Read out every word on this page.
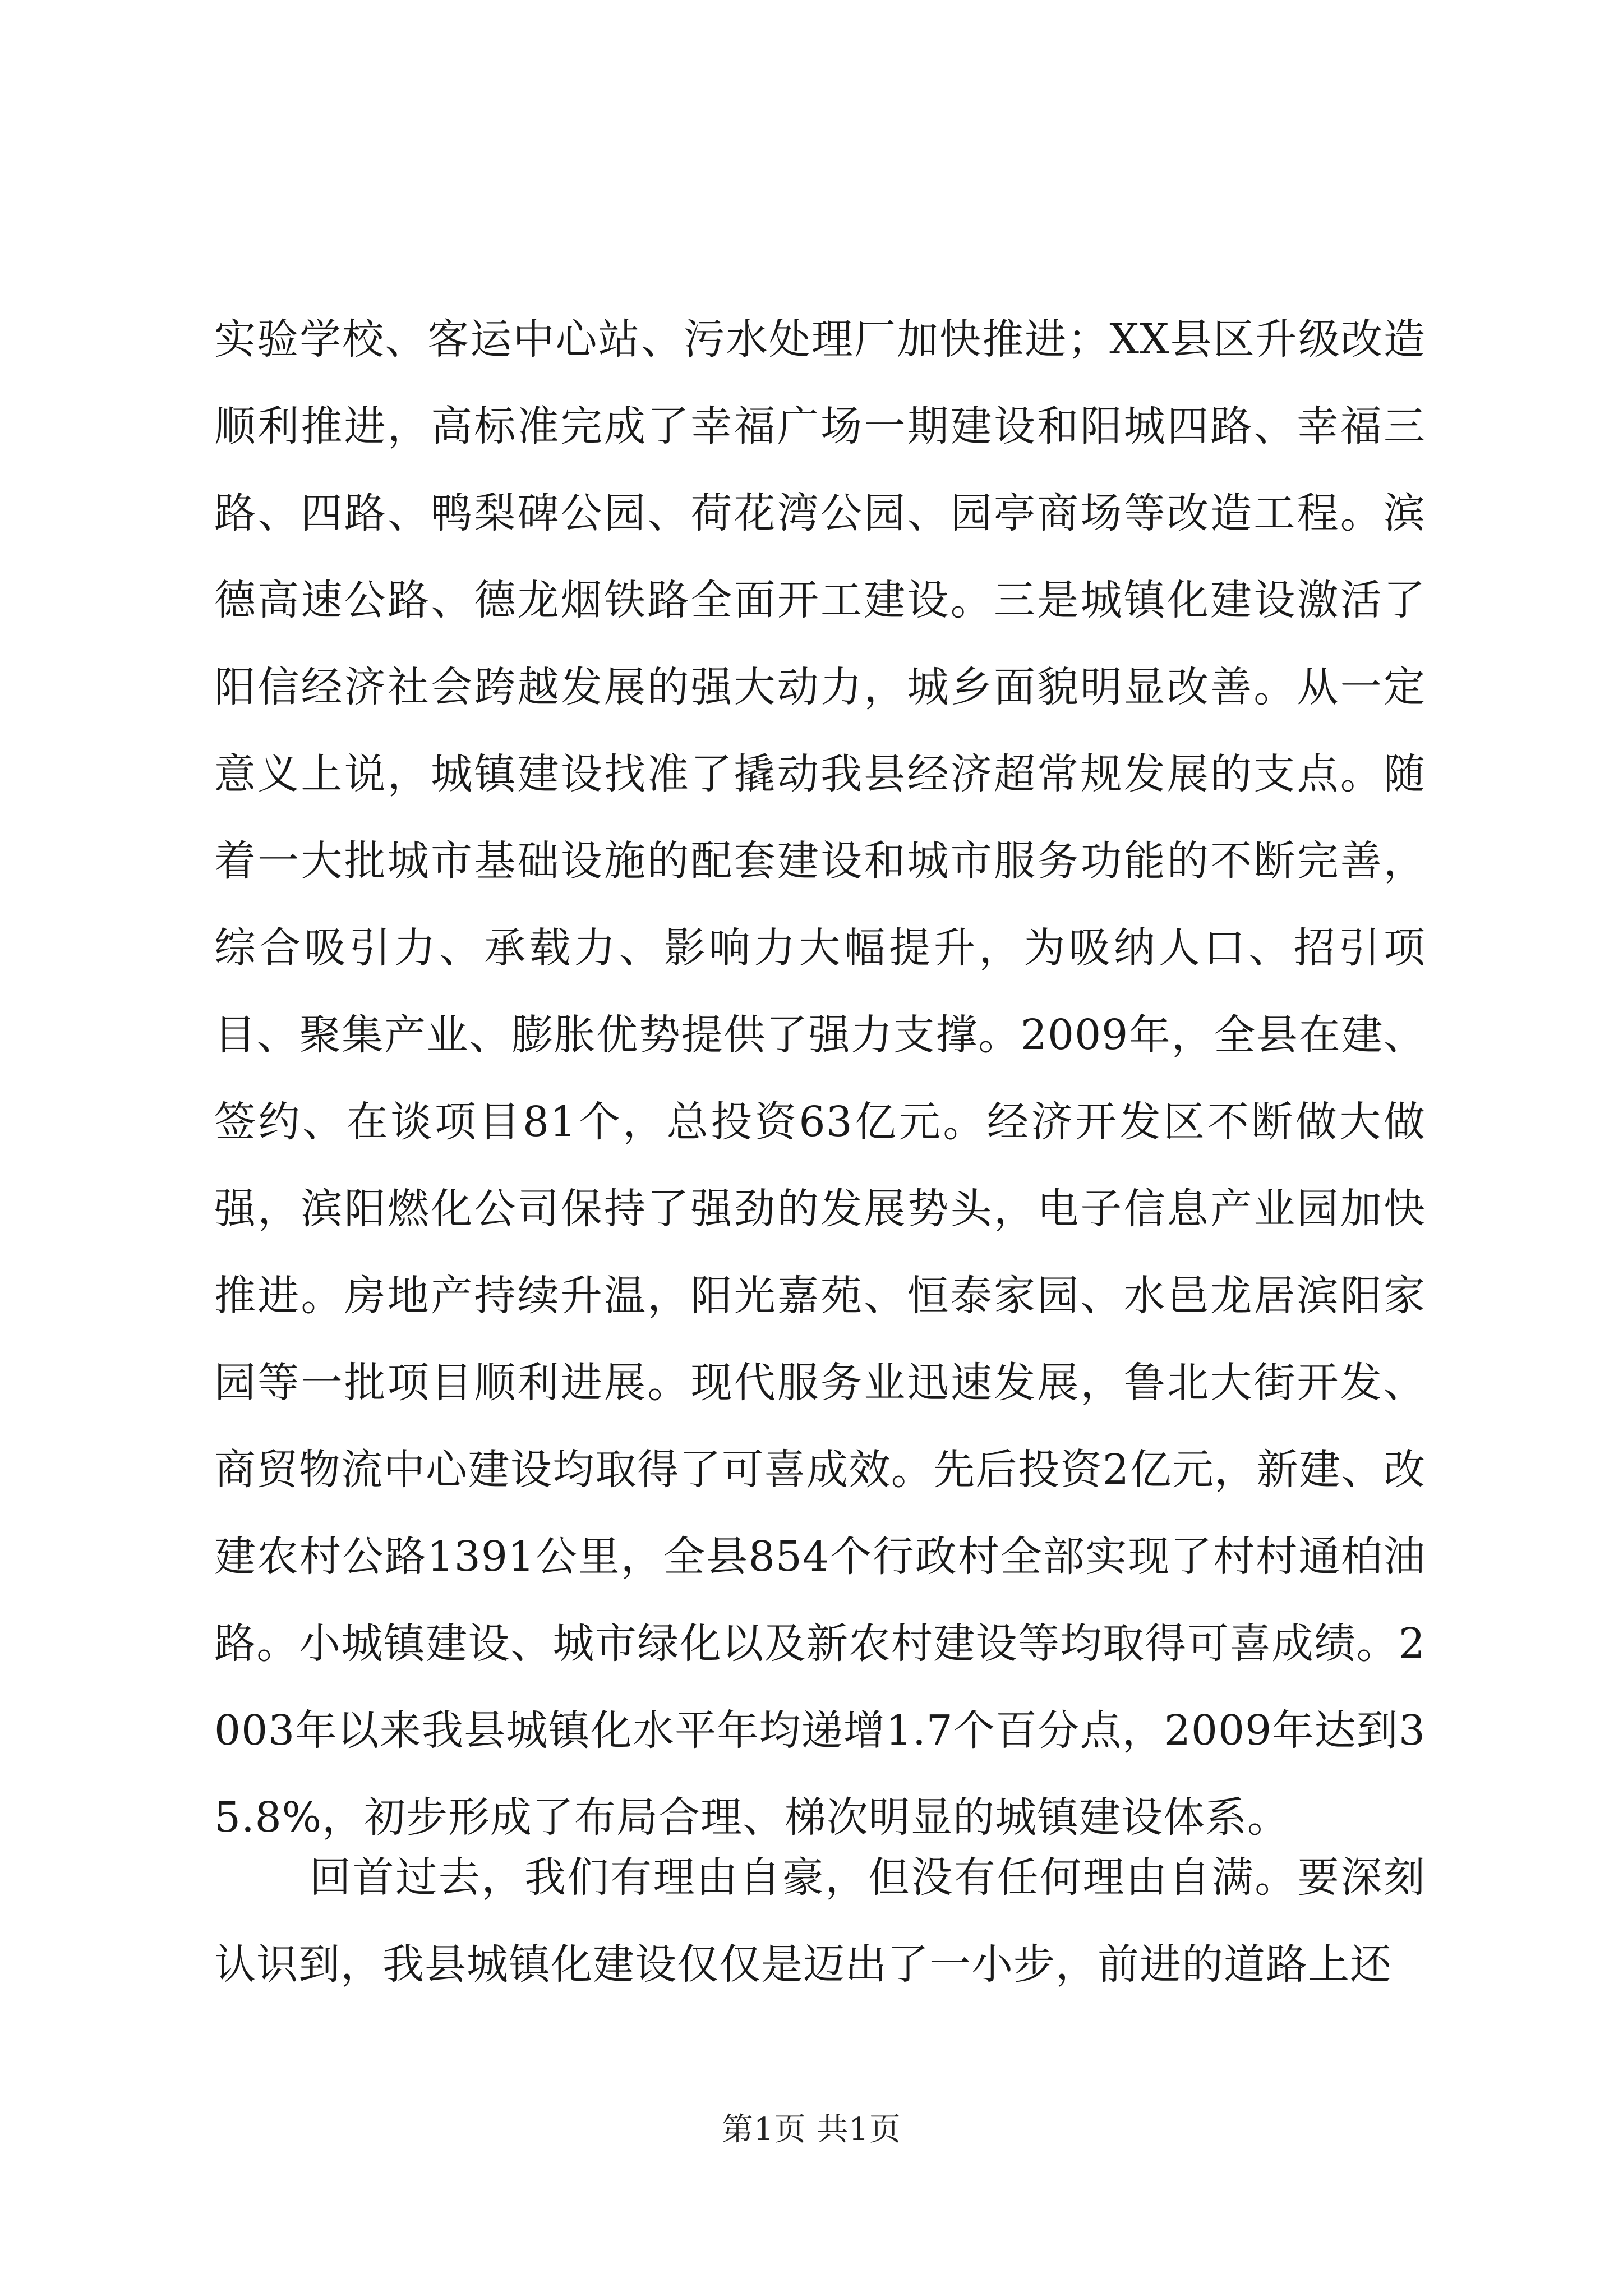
实验学校、客运中心站、污水处理厂加快推进；XX县区升级改造顺利推进，高标准完成了幸福广场一期建设和阳城四路、幸福三路、四路、鸭梨碑公园、荷花湾公园、园亭商场等改造工程。滨德高速公路、德龙烟铁路全面开工建设。三是城镇化建设激活了阳信经济社会跨越发展的强大动力，城乡面貌明显改善。从一定意义上说，城镇建设找准了撬动我县经济超常规发展的支点。随着一大批城市基础设施的配套建设和城市服务功能的不断完善，综合吸引力、承载力、影响力大幅提升，为吸纳人口、招引项目、聚集产业、膨胀优势提供了强力支撑。2009年，全县在建、签约、在谈项目81个，总投资63亿元。经济开发区不断做大做强，滨阳燃化公司保持了强劲的发展势头，电子信息产业园加快推进。房地产持续升温，阳光嘉苑、恒泰家园、水邑龙居滨阳家园等一批项目顺利进展。现代服务业迅速发展，鲁北大街开发、商贸物流中心建设均取得了可喜成效。先后投资2亿元，新建、改建农村公路1391公里，全县854个行政村全部实现了村村通柏油路。小城镇建设、城市绿化以及新农村建设等均取得可喜成绩。2003年以来我县城镇化水平年均递增1.7个百分点，2009年达到35.8%，初步形成了布局合理、梯次明显的城镇建设体系。

回首过去，我们有理由自豪，但没有任何理由自满。要深刻认识到，我县城镇化建设仅仅是迈出了一小步，前进的道路上还

第1页 共1页
